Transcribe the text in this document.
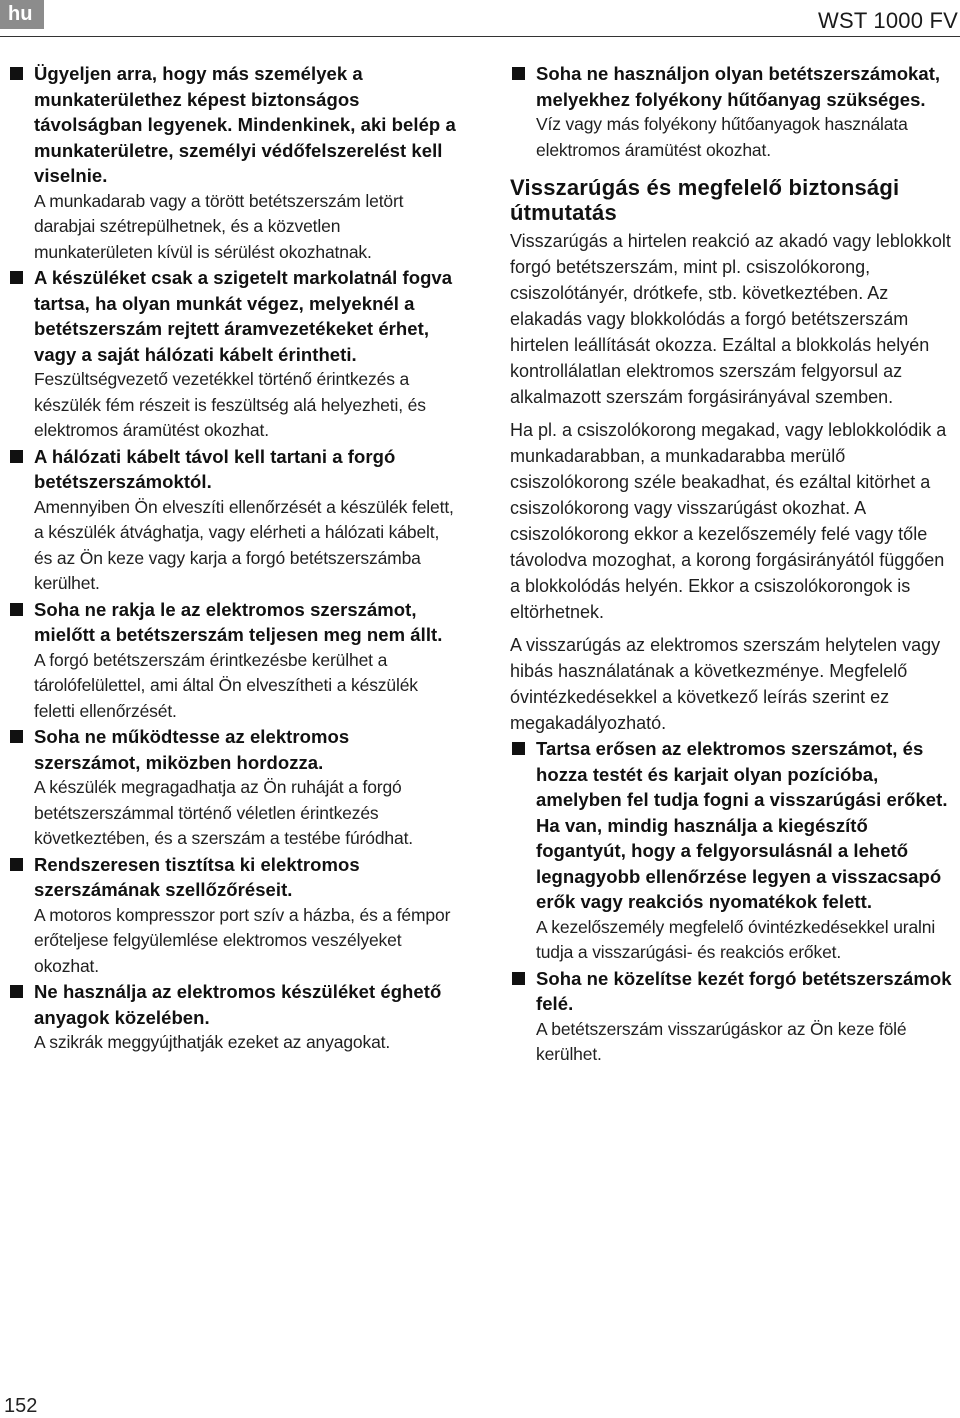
hu	WST 1000 FV
Ügyeljen arra, hogy más személyek a munkaterülethez képest biztonságos távolságban legyenek. Mindenkinek, aki belép a munkaterületre, személyi védőfelszerelést kell viselnie.
A munkadarab vagy a törött betétszerszám letört darabjai szétrepülhetnek, és a közvetlen munkaterületen kívül is sérülést okozhatnak.
A készüléket csak a szigetelt markolatnál fogva tartsa, ha olyan munkát végez, melyeknél a betétszerszám rejtett áramvezetékeket érhet, vagy a saját hálózati kábelt érintheti.
Feszültségvezető vezetékkel történő érintkezés a készülék fém részeit is feszültség alá helyezheti, és elektromos áramütést okozhat.
A hálózati kábelt távol kell tartani a forgó betétszerszámoktól.
Amennyiben Ön elveszíti ellenőrzését a készülék felett, a készülék átvághatja, vagy elérheti a hálózati kábelt, és az Ön keze vagy karja a forgó betétszerszámba kerülhet.
Soha ne rakja le az elektromos szerszámot, mielőtt a betétszerszám teljesen meg nem állt.
A forgó betétszerszám érintkezésbe kerülhet a tárolófelülettel, ami által Ön elveszítheti a készülék feletti ellenőrzését.
Soha ne működtesse az elektromos szerszámot, miközben hordozza.
A készülék megragadhatja az Ön ruháját a forgó betétszerszámmal történő véletlen érintkezés következtében, és a szerszám a testébe fúródhat.
Rendszeresen tisztítsa ki elektromos szerszámának szellőzőréseit.
A motoros kompresszor port szív a házba, és a fémpor erőteljese felgyülemlése elektromos veszélyeket okozhat.
Ne használja az elektromos készüléket éghető anyagok közelében.
A szikrák meggyújthatják ezeket az anyagokat.
Soha ne használjon olyan betétszerszámokat, melyekhez folyékony hűtőanyag szükséges.
Víz vagy más folyékony hűtőanyagok használata elektromos áramütést okozhat.
Visszarúgás és megfelelő biztonsági útmutatás
Visszarúgás a hirtelen reakció az akadó vagy leblokkolt forgó betétszerszám, mint pl. csiszolókorong, csiszolótányér, drótkefe, stb. következtében. Az elakadás vagy blokkolódás a forgó betétszerszám hirtelen leállítását okozza. Ezáltal a blokkolás helyén kontrollálatlan elektromos szerszám felgyorsul az alkalmazott szerszám forgásirányával szemben.
Ha pl. a csiszolókorong megakad, vagy leblokkolódik a munkadarabban, a munkadarabba merülő csiszolókorong széle beakadhat, és ezáltal kitörhet a csiszolókorong vagy visszarúgást okozhat. A csiszolókorong ekkor a kezelőszemély felé vagy tőle távolodva mozoghat, a korong forgásirányától függően a blokkolódás helyén. Ekkor a csiszolókorongok is eltörhetnek.
A visszarúgás az elektromos szerszám helytelen vagy hibás használatának a következménye. Megfelelő óvintézkedésekkel a következő leírás szerint ez megakadályozható.
Tartsa erősen az elektromos szerszámot, és hozza testét és karjait olyan pozícióba, amelyben fel tudja fogni a visszarúgási erőket. Ha van, mindig használja a kiegészítő fogantyút, hogy a felgyorsulásnál a lehető legnagyobb ellenőrzése legyen a visszacsapó erők vagy reakciós nyomatékok felett.
A kezelőszemély megfelelő óvintézkedésekkel uralni tudja a visszarúgási- és reakciós erőket.
Soha ne közelítse kezét forgó betétszerszámok felé.
A betétszerszám visszarúgáskor az Ön keze fölé kerülhet.
152
